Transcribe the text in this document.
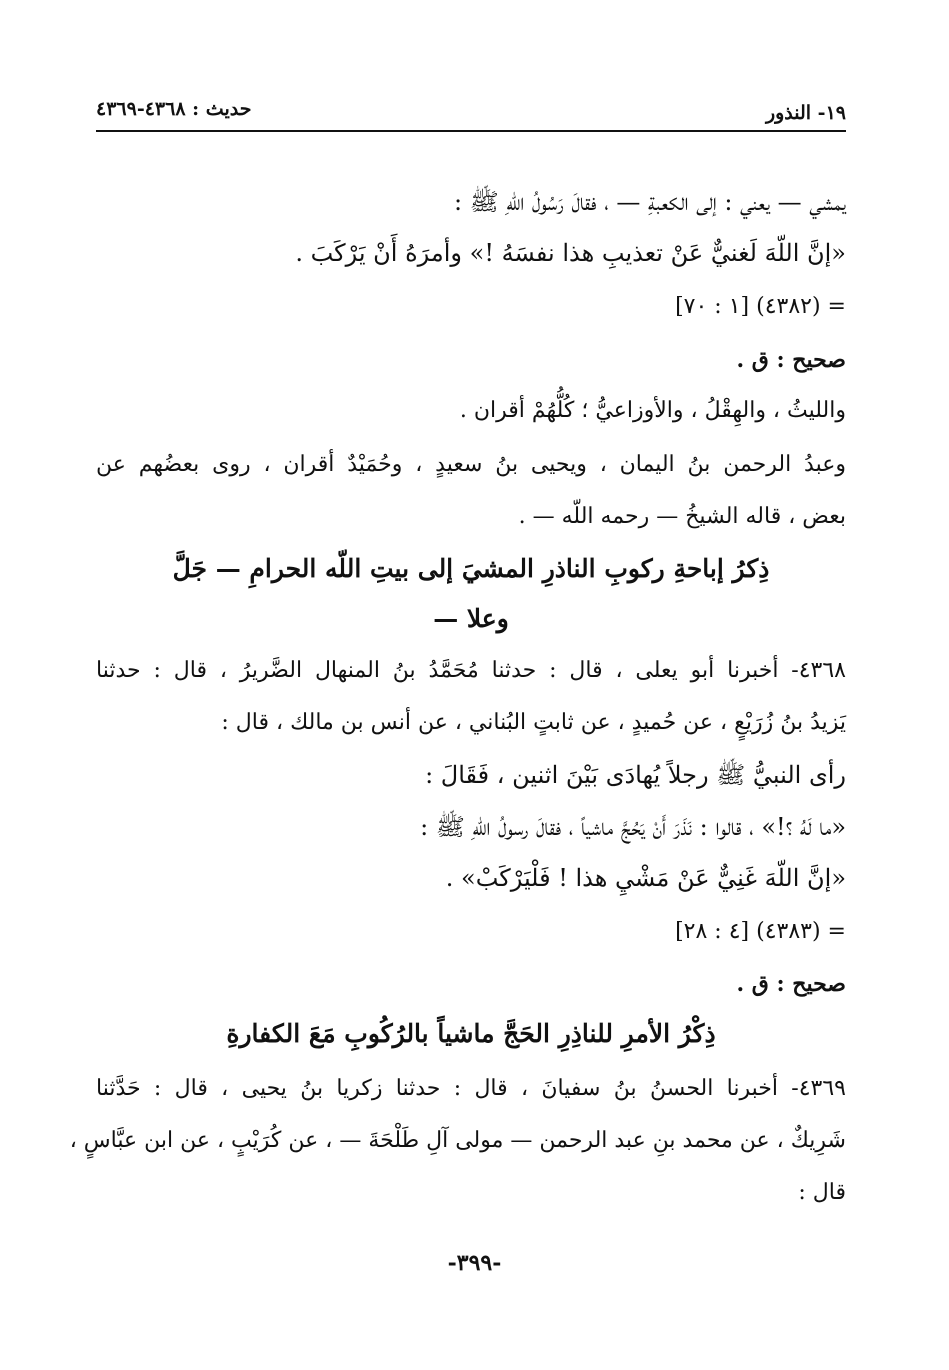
١٩- النذور
حديث : ٤٣٦٨-٤٣٦٩
يمشي — يعني : إلى الكعبةِ — ، فقالَ رَسُولُ اللّهِ ﷺ :
«إنَّ اللّهَ لَغنيٌّ عَنْ تعذيبِ هذا نفسَهُ !» وأمرَهُ أَنْ يَرْكَبَ .
= (٤٣٨٢) [١ : ٧٠]
صحيح : ق .
والليثُ ، والهِقْلُ ، والأوزاعيُّ ؛ كُلُّهُمْ أقران .
وعبدُ الرحمن بنُ اليمان ، ويحيى بنُ سعيدٍ ، وحُمَيْدٌ أقران ، روى بعضُهم عن
بعض ، قاله الشيخُ — رحمه اللّه — .
ذِكرُ إباحةِ ركوبِ الناذرِ المشيَ إلى بيتِ اللّه الحرامِ — جَلَّ
وعلا —
٤٣٦٨- أخبرنا أبو يعلى ، قال : حدثنا مُحَمَّدُ بنُ المنهال الضَّريرُ ، قال : حدثنا
يَزيدُ بنُ زُرَيْعٍ ، عن حُميدٍ ، عن ثابتٍ البُناني ، عن أنس بن مالك ، قال :
رأى النبيُّ ﷺ رجلاً يُهادَى بَيْنَ اثنين ، فَقَالَ :
«ما لَهُ ؟!» ، قالوا : نَذَرَ أَنْ يَحُجَّ ماشياً ، فقالَ رسولُ اللّهِ ﷺ :
«إنَّ اللّهَ غَنِيٌّ عَنْ مَشْيِ هذا ! فَلْيَرْكَبْ» .
= (٤٣٨٣) [٤ : ٢٨]
صحيح : ق .
ذِكْرُ الأمرِ للناذِرِ الحَجَّ ماشياً بالرُكُوبِ مَعَ الكفارةِ
٤٣٦٩- أخبرنا الحسنُ بنُ سفيانَ ، قال : حدثنا زكريا بنُ يحيى ، قال : حَدَّثنا
شَرِيكٌ ، عن محمد بنِ عبد الرحمن — مولى آلِ طَلْحَةَ — ، عن كُرَيْبٍ ، عن ابن عبَّاسٍ ،
قال :
-٣٩٩-
